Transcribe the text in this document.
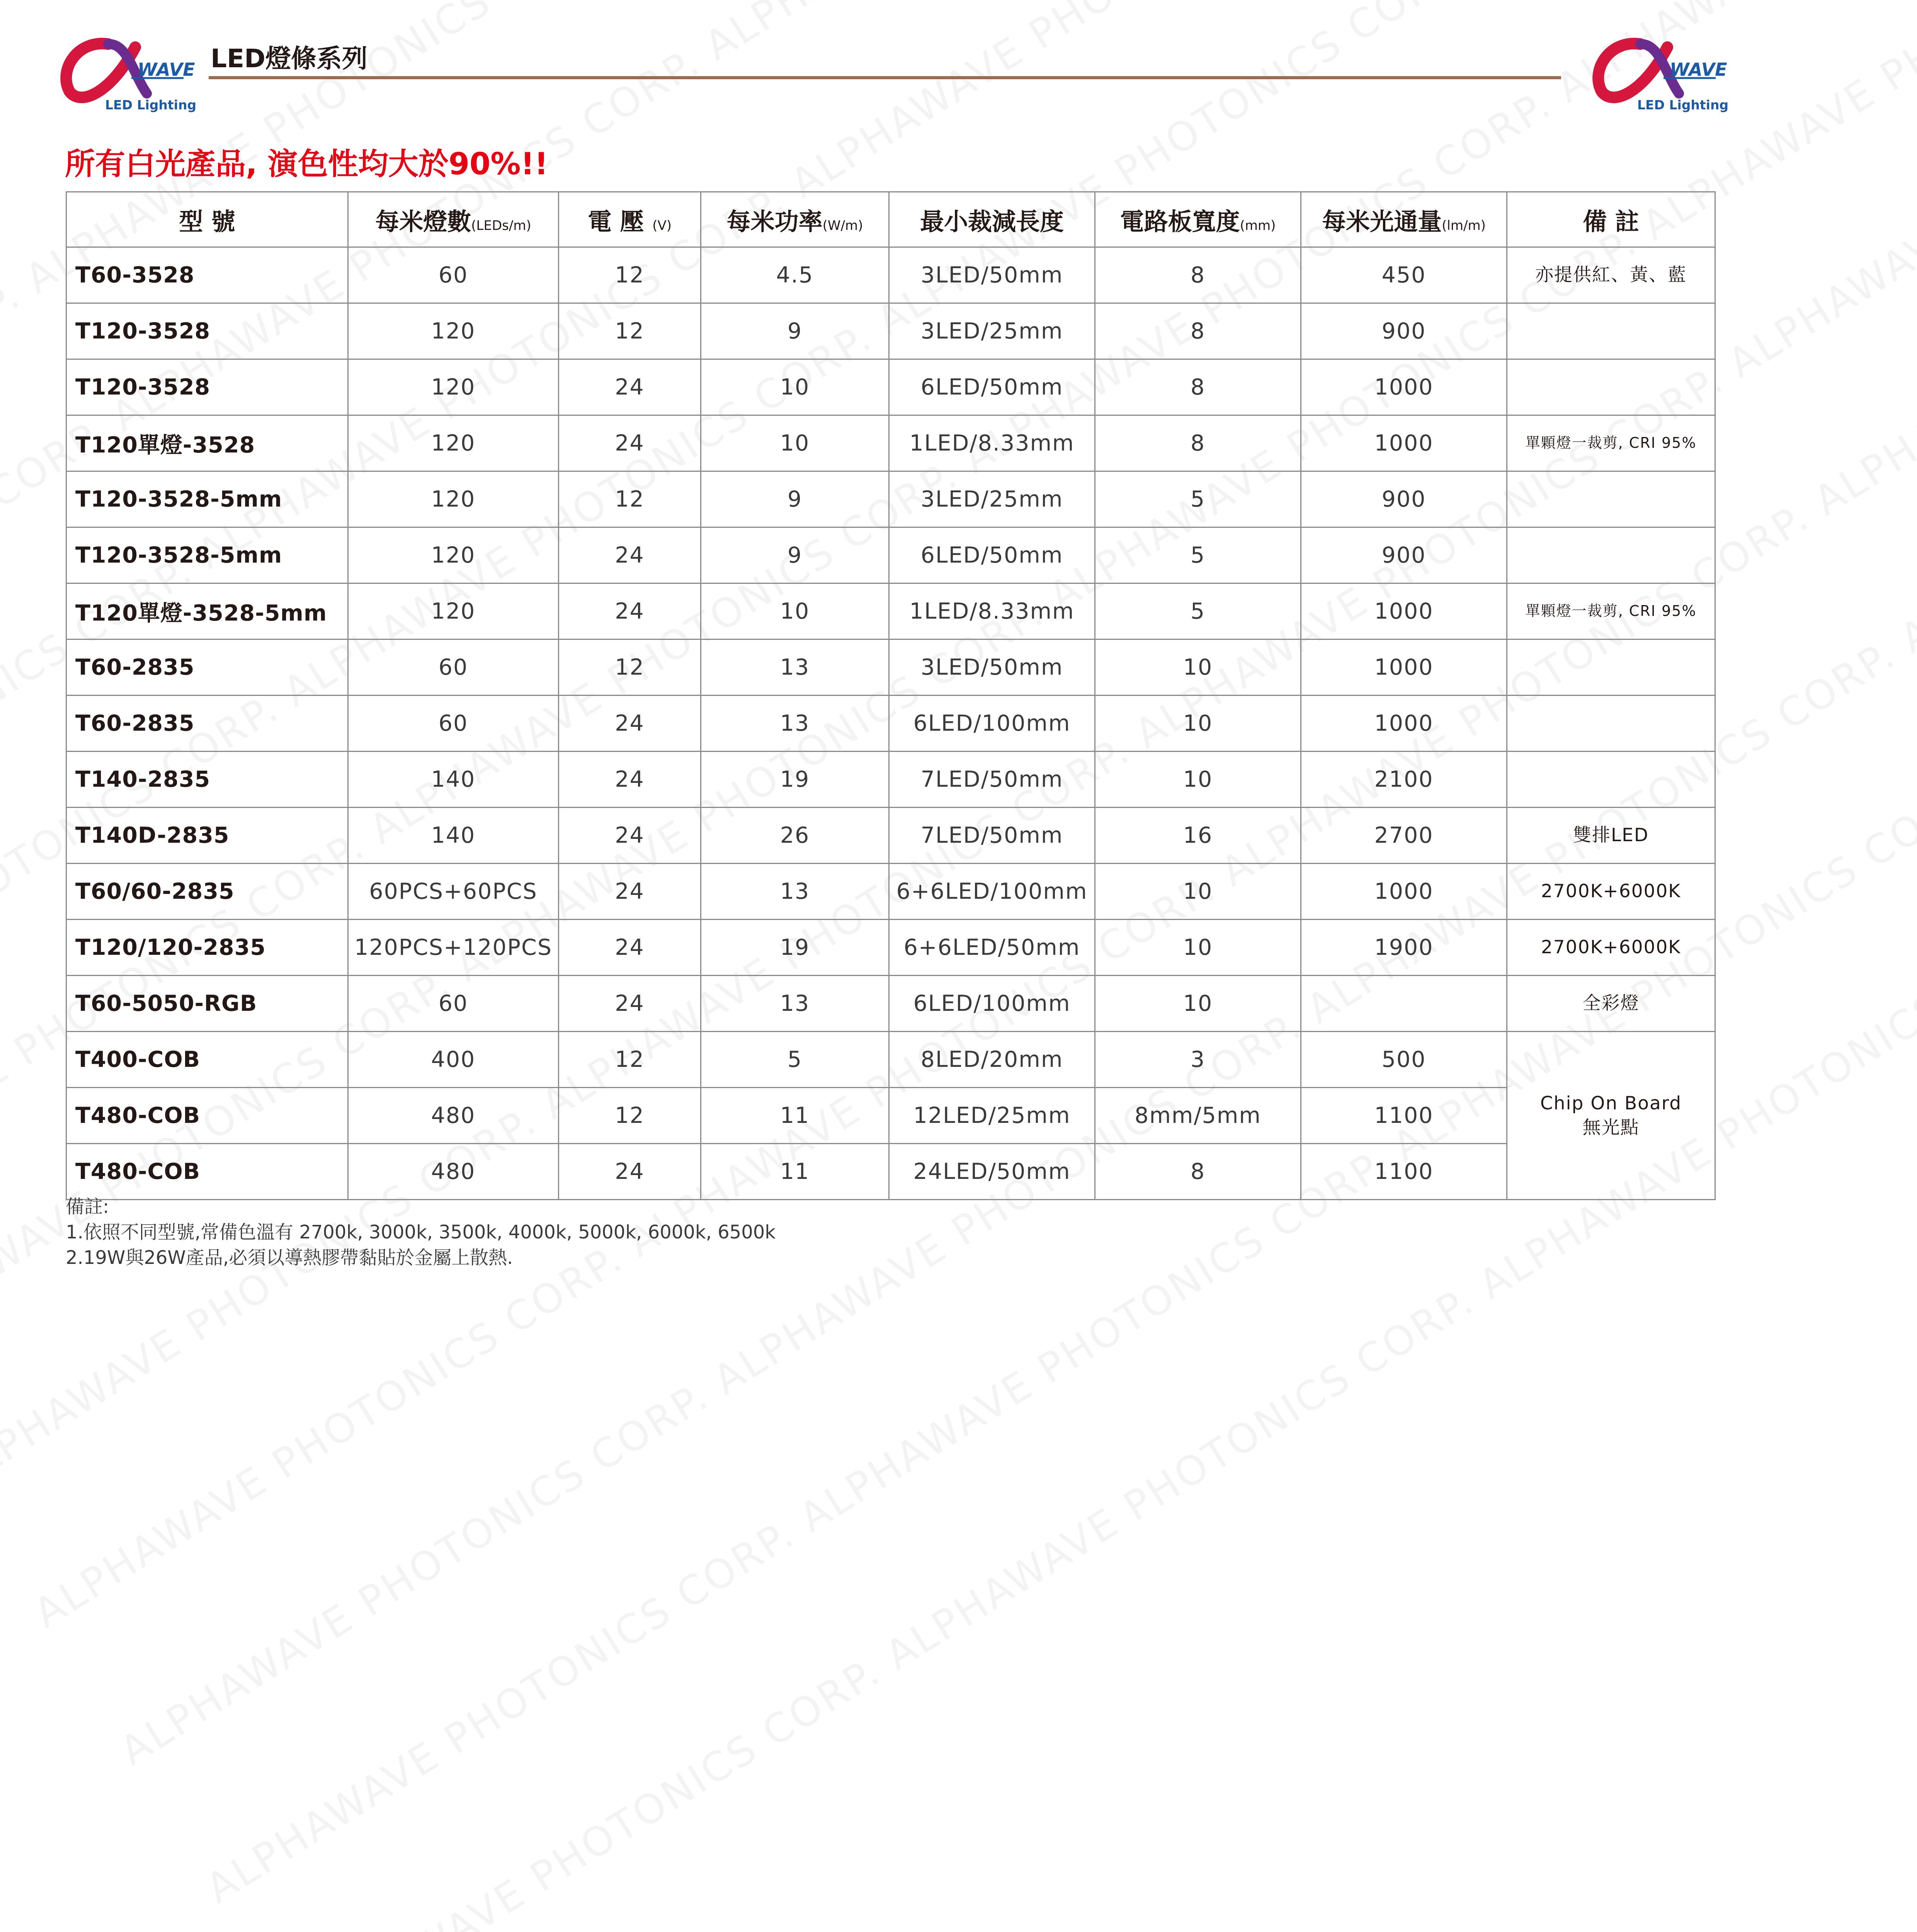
WAVE
LED Lighting
WAVE
LED Lighting
LED燈條系列
所有白光產品, 演色性均大於90%!!
型 號	每米燈數(LEDs/m)	電 壓 (V)	每米功率(W/m)	最小裁減長度	電路板寬度(mm)	每米光通量(lm/m)	備 註
T60-3528	60	12	4.5	3LED/50mm	8	450	亦提供紅、黃、藍
T120-3528	120	12	9	3LED/25mm	8	900	
T120-3528	120	24	10	6LED/50mm	8	1000	
T120單燈-3528	120	24	10	1LED/8.33mm	8	1000	單顆燈一裁剪, CRI 95%
T120-3528-5mm	120	12	9	3LED/25mm	5	900	
T120-3528-5mm	120	24	9	6LED/50mm	5	900	
T120單燈-3528-5mm	120	24	10	1LED/8.33mm	5	1000	單顆燈一裁剪, CRI 95%
T60-2835	60	12	13	3LED/50mm	10	1000	
T60-2835	60	24	13	6LED/100mm	10	1000	
T140-2835	140	24	19	7LED/50mm	10	2100	
T140D-2835	140	24	26	7LED/50mm	16	2700	雙排LED
T60/60-2835	60PCS+60PCS	24	13	6+6LED/100mm	10	1000	2700K+6000K
T120/120-2835	120PCS+120PCS	24	19	6+6LED/50mm	10	1900	2700K+6000K
T60-5050-RGB	60	24	13	6LED/100mm	10		全彩燈
T400-COB	400	12	5	8LED/20mm	3	500	
Chip On Board
無光點

T480-COB	480	12	11	12LED/25mm	8mm/5mm	1100
T480-COB	480	24	11	24LED/50mm	8	1100
備註:
1.依照不同型號,常備色溫有 2700k, 3000k, 3500k, 4000k, 5000k, 6000k, 6500k
2.19W與26W產品,必須以導熱膠帶黏貼於金屬上散熱.
